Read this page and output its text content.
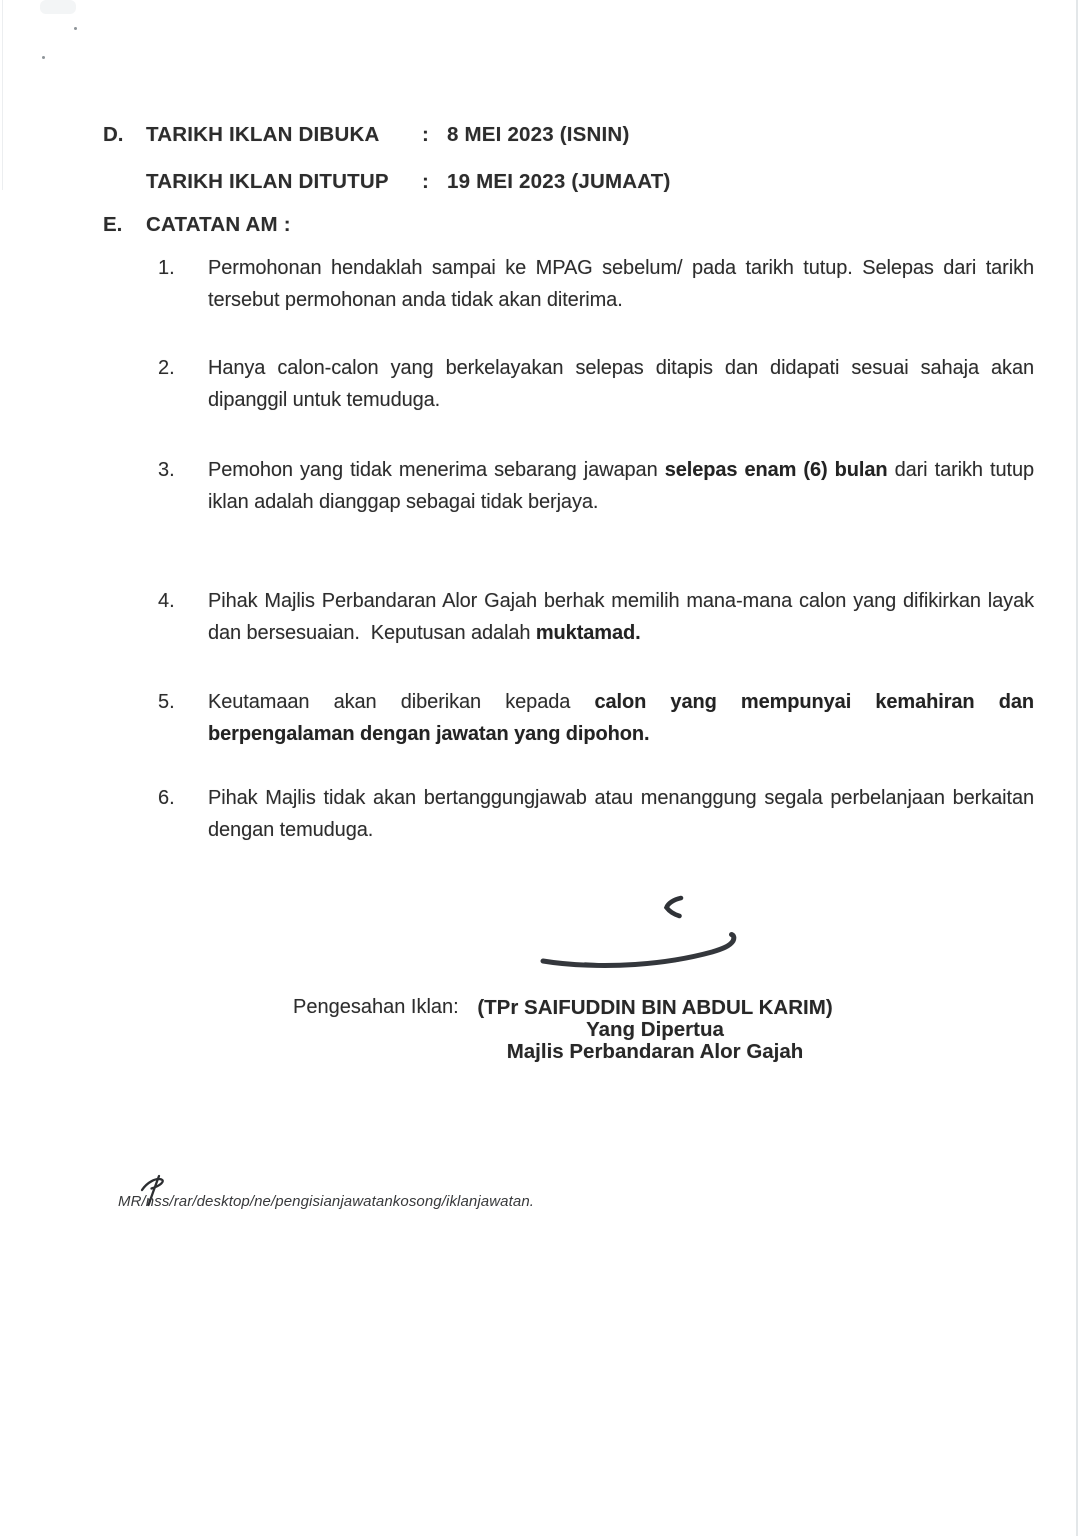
D. TARIKH IKLAN DIBUKA : 8 MEI 2023 (ISNIN)
TARIKH IKLAN DITUTUP : 19 MEI 2023 (JUMAAT)
E. CATATAN AM :
1.	Permohonan hendaklah sampai ke MPAG sebelum/ pada tarikh tutup. Selepas dari tarikh tersebut permohonan anda tidak akan diterima.
2.	Hanya calon-calon yang berkelayakan selepas ditapis dan didapati sesuai sahaja akan dipanggil untuk temuduga.
3.	Pemohon yang tidak menerima sebarang jawapan selepas enam (6) bulan dari tarikh tutup iklan adalah dianggap sebagai tidak berjaya.
4.	Pihak Majlis Perbandaran Alor Gajah berhak memilih mana-mana calon yang difikirkan layak dan bersesuaian.  Keputusan adalah muktamad.
5.	Keutamaan akan diberikan kepada calon yang mempunyai kemahiran dan berpengalaman dengan jawatan yang dipohon.
6.	Pihak Majlis tidak akan bertanggungjawab atau menanggung segala perbelanjaan berkaitan dengan temuduga.
Pengesahan Iklan: (TPr SAIFUDDIN BIN ABDUL KARIM)
Yang Dipertua
Majlis Perbandaran Alor Gajah
MR/nss/rar/desktop/ne/pengisianjawatankosong/iklanjawatan.
